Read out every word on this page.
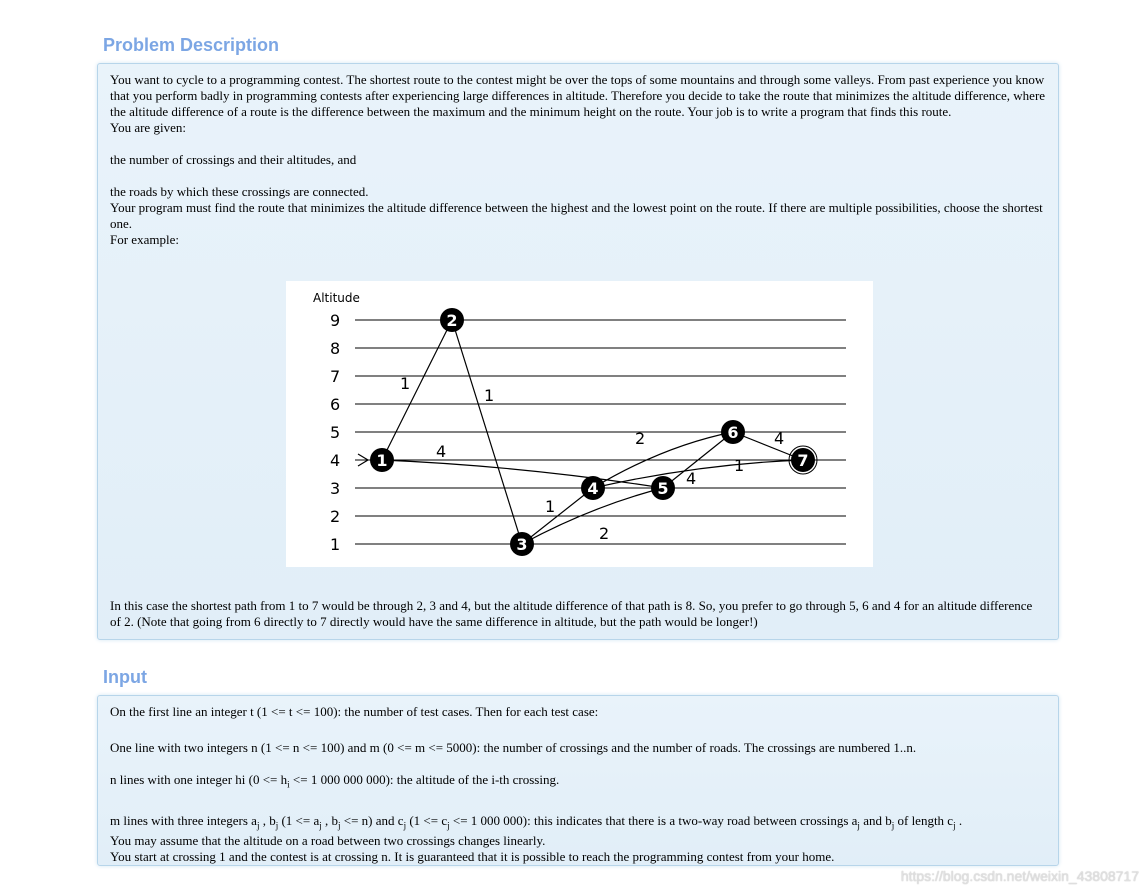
Problem Description

You want to cycle to a programming contest. The shortest route to the contest might be over the tops of some mountains and through some valleys. From past experience you know that you perform badly in programming contests after experiencing large differences in altitude. Therefore you decide to take the route that minimizes the altitude difference, where the altitude difference of a route is the difference between the maximum and the minimum height on the route. Your job is to write a program that finds this route.

You are given:

the number of crossings and their altitudes, and

the roads by which these crossings are connected.

Your program must find the route that minimizes the altitude difference between the highest and the lowest point on the route. If there are multiple possibilities, choose the shortest one.

For example:

In this case the shortest path from 1 to 7 would be through 2, 3 and 4, but the altitude difference of that path is 8. So, you prefer to go through 5, 6 and 4 for an altitude difference of 2. (Note that going from 6 directly to 7 directly would have the same difference in altitude, but the path would be longer!)

Altitude
9
8
7
6
5
4
3
2
1
1
1
4
1
2
2
4
4
1
1
2
3
4	5
6
7
Input

On the first line an integer t (1 <= t <= 100): the number of test cases. Then for each test case:

One line with two integers n (1 <= n <= 100) and m (0 <= m <= 5000): the number of crossings and the number of roads. The crossings are numbered 1..n.

n lines with one integer hi ($0 <= h_i <= 1$ 000 000 000): the altitude of the i-th crossing.

m lines with three integers $a_j$ , $b_j$ ($1 <= a_j$ , $b_j <= n$) and $c_j$ ($1 <= c_j <= 1$ 000 000): this indicates that there is a two-way road between crossings $a_j$ and $b_j$ of length $c_j$ .

You may assume that the altitude on a road between two crossings changes linearly.

You start at crossing 1 and the contest is at crossing n. It is guaranteed that it is possible to reach the programming contest from your home.

https://blog.csdn.net/weixin_43808717
